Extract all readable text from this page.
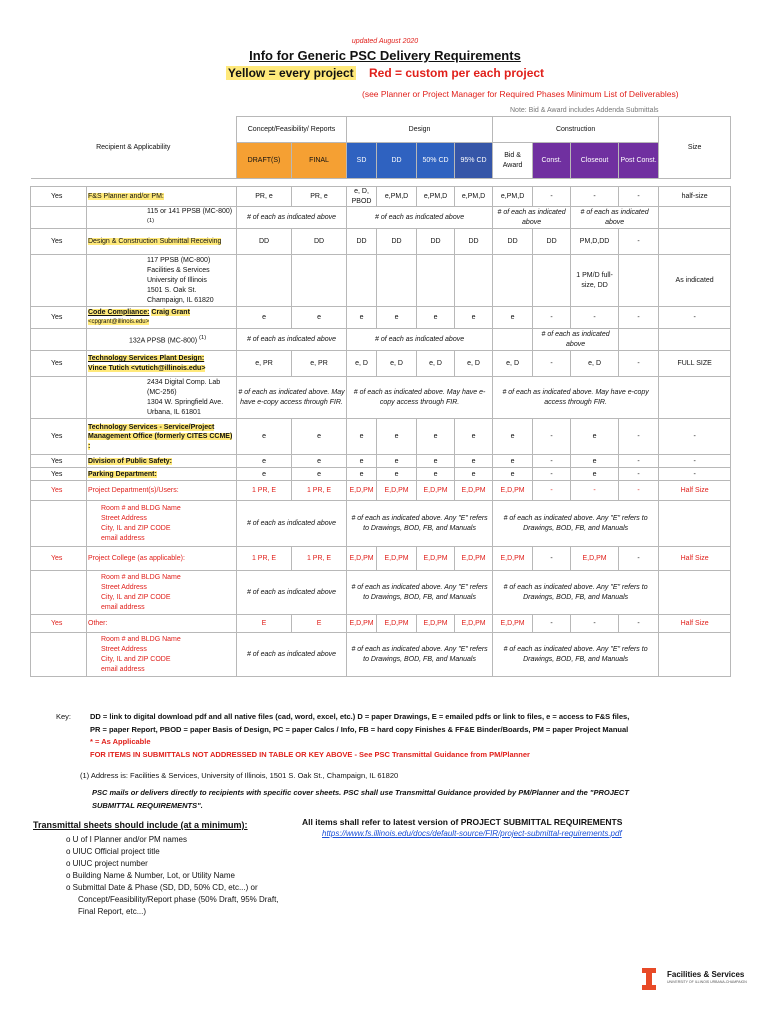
updated August 2020
Info for Generic PSC Delivery Requirements
Yellow = every project Red = custom per each project
(see Planner or Project Manager for Required Phases Minimum List of Deliverables)
Note: Bid & Award includes Addenda Submittals
Recipient & Applicability		Concept/Feasibility/ Reports		Design				Construction				Size
		DRAFT(S)	FINAL	SD	DD	50% CD	95% CD	Bid & Award	Const.	Closeout	Post Const.	

Yes	F&S Planner and/or PM:	PR, e	PR, e	e, D, PBOD	e,PM,D	e,PM,D	e,PM,D	e,PM,D	-	-	-	half-size
	115 or 141 PPSB (MC-800) $^{(1)}$	# of each as indicated above		# of each as indicated above				# of each as indicated above		# of each as indicated above		
Yes	Design & Construction Submittal Receiving	DD	DD	DD	DD	DD	DD	DD	DD	PM,D,DD	-	

	117 PPSB (MC-800)
Facilities & Services
University of Illinois
1501 S. Oak St.
Champaign, IL 61820									1 PM/D full-size, DD		As indicated
Yes	Code Compliance: Craig Grant
<cpgrant@illinois.edu>	e	e	e	e	e	e	e	-	-	-	-
	132A PPSB (MC-800) $^{(1)}$	# of each as indicated above		# of each as indicated above					# of each as indicated above			
Yes	Technology Services Plant Design:
Vince Tutich <vtutich@illinois.edu>	e, PR	e, PR	e, D	e, D	e, D	e, D	e, D	-	e, D	-	FULL SIZE

	2434 Digital Comp. Lab (MC-256)
1304 W. Springfield Ave.
Urbana, IL 61801	# of each as indicated above. May have e-copy access through FIR.		# of each as indicated above. May have e-copy access through FIR.				# of each as indicated above. May have e-copy access through FIR.				
Yes	Technology Services - Service/Project Management Office (formerly CITES CCME) :	e	e	e	e	e	e	e	-	e	-	-
Yes	Division of Public Safety:	e	e	e	e	e	e	e	-	e	-	-
Yes	Parking Department:	e	e	e	e	e	e	e	-	e	-	-
Yes	Project Department(s)/Users:	1 PR, E	1 PR, E	E,D,PM	E,D,PM	E,D,PM	E,D,PM	E,D,PM	-	-	-	Half Size

	Room # and BLDG Name
Street Address
City, IL and ZIP CODE
email address	# of each as indicated above		# of each as indicated above. Any "E" refers to Drawings, BOD, FB, and Manuals				# of each as indicated above. Any "E" refers to Drawings, BOD, FB, and Manuals				
Yes	Project College (as applicable):	1 PR, E	1 PR, E	E,D,PM	E,D,PM	E,D,PM	E,D,PM	E,D,PM	-	E,D,PM	-	Half Size

	Room # and BLDG Name
Street Address
City, IL and ZIP CODE
email address	# of each as indicated above		# of each as indicated above. Any "E" refers to Drawings, BOD, FB, and Manuals				# of each as indicated above. Any "E" refers to Drawings, BOD, FB, and Manuals				
Yes	Other:	E	E	E,D,PM	E,D,PM	E,D,PM	E,D,PM	E,D,PM	-	-	-	Half Size

	Room # and BLDG Name
Street Address
City, IL and ZIP CODE
email address	# of each as indicated above		# of each as indicated above. Any "E" refers to Drawings, BOD, FB, and Manuals				# of each as indicated above. Any "E" refers to Drawings, BOD, FB, and Manuals				
Key:	DD = link to digital download pdf and all native files (cad, word, excel, etc.) D = paper Drawings, E = emailed pdfs or link to files, e = access to F&S files,
PR = paper Report, PBOD = paper Basis of Design, PC = paper Calcs / Info, FB = hard copy Finishes & FF&E Binder/Boards, PM = paper Project Manual
* = As Applicable
FOR ITEMS IN SUBMITTALS NOT ADDRESSED IN TABLE OR KEY ABOVE - See PSC Transmittal Guidance from PM/Planner
(1) Address is: Facilities & Services, University of Illinois, 1501 S. Oak St., Champaign, IL 61820
PSC mails or delivers directly to recipients with specific cover sheets. PSC shall use Transmittal Guidance provided by PM/Planner and the "PROJECT SUBMITTAL REQUIREMENTS".
Transmittal sheets should include (at a minimum):
o U of I Planner and/or PM names
o UIUC Official project title
o UIUC project number
o Building Name & Number, Lot, or Utility Name
o Submittal Date & Phase (SD, DD, 50% CD, etc...) or Concept/Feasibility/Report phase (50% Draft, 95% Draft, Final Report, etc...)
All items shall refer to latest version of PROJECT SUBMITTAL REQUIREMENTS
https://www.fs.illinois.edu/docs/default-source/FIR/project-submittal-requirements.pdf
Facilities & Services
UNIVERSITY OF ILLINOIS URBANA-CHAMPAIGN
